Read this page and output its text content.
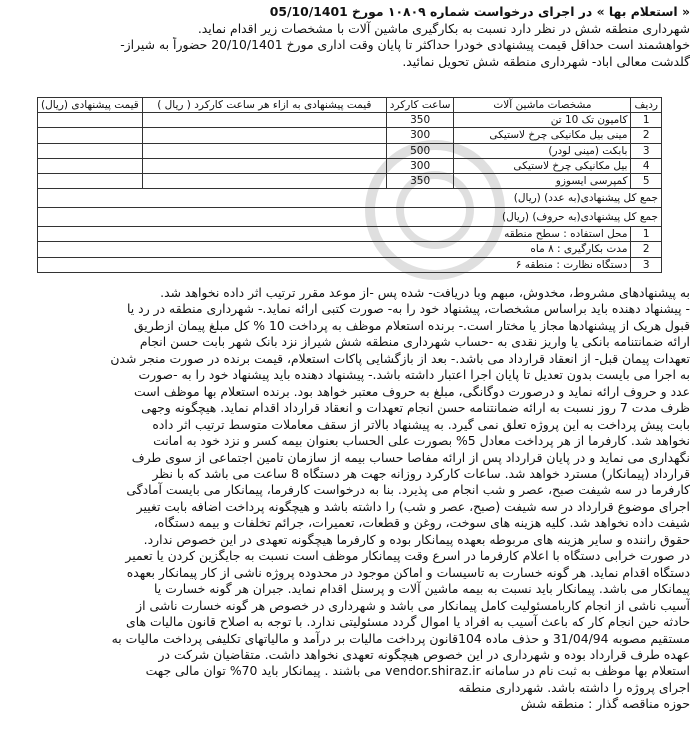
« استعلام بها » در اجرای درخواست شماره ۱۰۸۰۹ مورخ 05/10/1401

شهرداری منطقه شش در نظر دارد نسبت به بکارگیری ماشین آلات با مشخصات زیر اقدام نماید.

خواهشمند است حداقل قیمت پیشنهادی خودرا حداکثر تا پایان وقت اداری مورخ 20/10/1401 حضوراً به شیراز-

گلدشت معالی اباد- شهرداری منطقه شش تحویل نمائید.

ردیف	مشخصات ماشین آلات	ساعت کارکرد	قیمت پیشنهادی به ازاء هر ساعت کارکرد ( ریال )	قیمت پیشنهادی (ریال)
1	کامیون تک 10 تن	350		
2	مینی بیل مکانیکی چرخ لاستیکی	300		
3	بابکت (مینی لودر)	500		
4	بیل مکانیکی چرخ لاستیکی	300		
5	کمپرسی ایسوزو	350		
جمع کل پیشنهادی(به عدد) (ریال)				
جمع کل پیشنهادی(به حروف) (ریال)				
1	محل استفاده : سطح منطقه			
2	مدت بکارگیری : ۸ ماه			
3	دستگاه نظارت : منطقه ۶			

به پیشنهادهای مشروط، مخدوش، مبهم وبا دریافت- شده پس -از موعد مقرر ترتیب اثر داده نخواهد شد.

- پیشنهاد دهنده باید براساس مشخصات، پیشنهاد خود را به- صورت کتبی ارائه نماید.- شهرداری منطقه در رد یا

قبول هریک از پیشنهادها مجاز یا مختار است.- برنده استعلام موظف به پرداخت 10 % کل مبلغ پیمان ازطریق

ارائه ضمانتنامه بانکی یا واریز نقدی به -حساب شهرداری منطقه شش شیراز نزد بانک شهر بابت حسن انجام

تعهدات پیمان قبل- از انعقاد قرارداد می باشد.- بعد از بازگشایی پاکات استعلام، قیمت برنده در صورت منجر شدن

به اجرا می بایست بدون تعدیل تا پایان اجرا اعتبار داشته باشد.- پیشنهاد دهنده باید پیشنهاد خود را به -صورت

عدد و حروف ارائه نماید و درصورت دوگانگی، مبلغ به حروف معتبر خواهد بود. برنده استعلام بها موظف است

ظرف مدت 7 روز نسبت به ارائه ضمانتنامه حسن انجام تعهدات و انعقاد قرارداد اقدام نماید. هیچگونه وجهی

بابت پیش پرداخت به این پروژه تعلق نمی گیرد. به پیشنهاد بالاتر از سقف معاملات متوسط ترتیب اثر داده

نخواهد شد. کارفرما از هر پرداخت معادل 5% بصورت علی الحساب بعنوان بیمه کسر و نزد خود به امانت

نگهداری می نماید و در پایان قرارداد پس از ارائه مفاصا حساب بیمه از سازمان تامین اجتماعی از سوی طرف

قرارداد (پیمانکار) مسترد خواهد شد. ساعات کارکرد روزانه جهت هر دستگاه 8 ساعت می باشد که با نظر

کارفرما در سه شیفت صبح، عصر و شب انجام می پذیرد. بنا به درخواست کارفرما، پیمانکار می بایست آمادگی

اجرای موضوع قرارداد در سه شیفت (صبح، عصر و شب) را داشته باشد و هیچگونه پرداخت اضافه بابت تغییر

شیفت داده نخواهد شد. کلیه هزینه های سوخت، روغن و قطعات، تعمیرات، جرائم تخلفات و بیمه دستگاه،

حقوق راننده و سایر هزینه های مربوطه بعهده پیمانکار بوده و کارفرما هیچگونه تعهدی در این خصوص ندارد.

در صورت خرابی دستگاه با اعلام کارفرما در اسرع وقت پیمانکار موظف است نسبت به جایگزین کردن یا تعمیر

دستگاه اقدام نماید. هر گونه خسارت به تاسیسات و اماکن موجود در محدوده پروژه ناشی از کار پیمانکار بعهده

پیمانکار می باشد. پیمانکار باید نسبت به بیمه ماشین آلات و پرسنل اقدام نماید. جبران هر گونه خسارت یا

آسیب ناشی از انجام کاربامسئولیت کامل پیمانکار می باشد و شهرداری در خصوص هر گونه خسارت ناشی از

حادثه حین انجام کار که باعث آسیب به افراد یا اموال گردد مسئولیتی ندارد. با توجه به اصلاح قانون مالیات های

مستقیم مصوبه 31/04/94 و حذف ماده 104قانون پرداخت مالیات بر درآمد و مالیاتهای تکلیفی پرداخت مالیات به

عهده طرف قرارداد بوده و شهرداری در این خصوص هیچگونه تعهدی نخواهد داشت. متقاضیان شرکت در

استعلام بها موظف به ثبت نام در سامانه vendor.shiraz.ir می باشند . پیمانکار باید 70% توان مالی جهت

اجرای پروژه را داشته باشد. شهرداری منطقه

حوزه مناقصه گذار : منطقه شش
